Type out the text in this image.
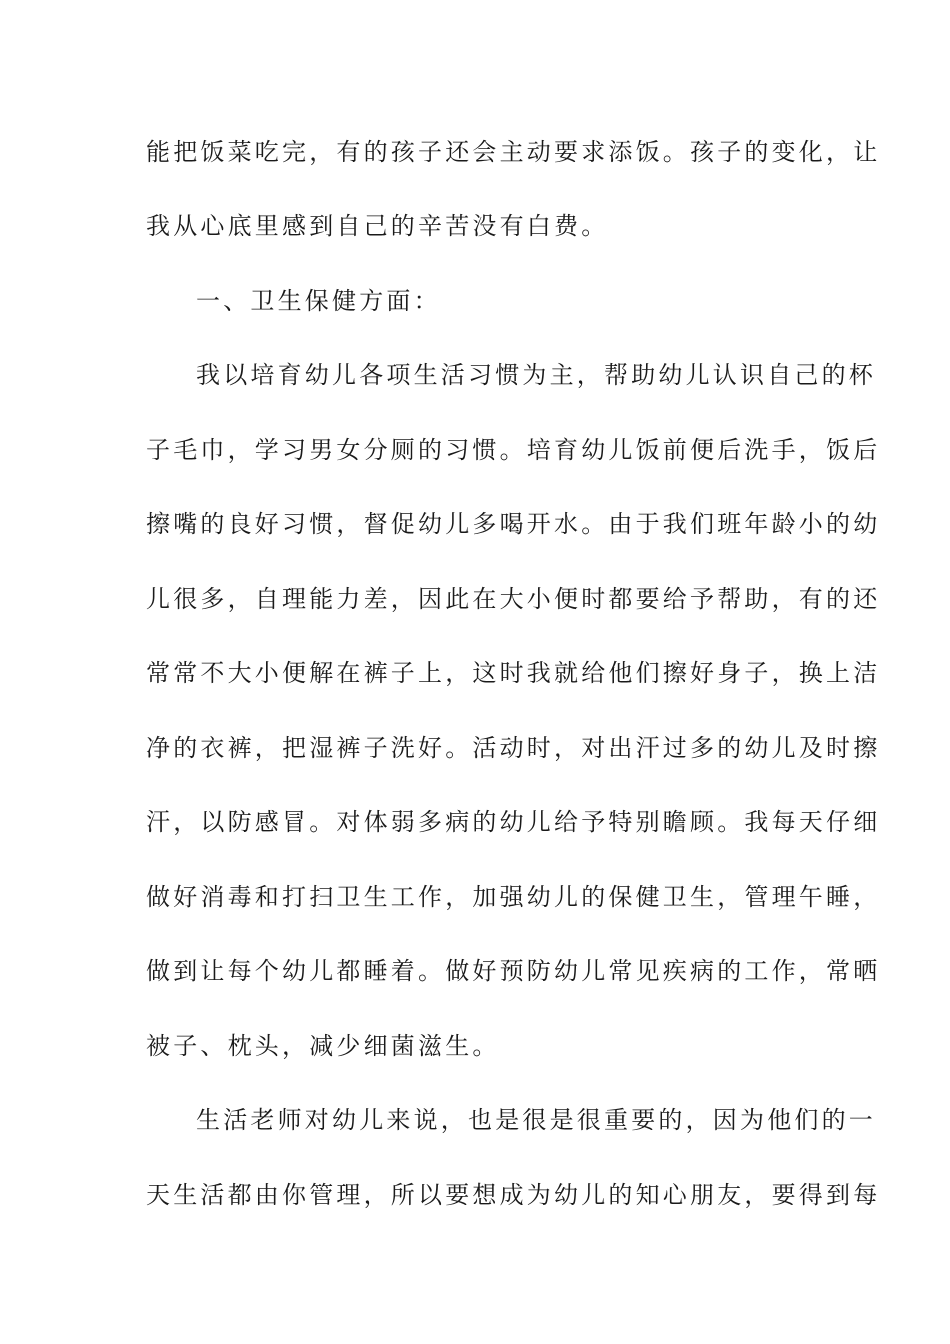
能把饭菜吃完，有的孩子还会主动要求添饭。孩子的变化，让
我从心底里感到自己的辛苦没有白费。
一、卫生保健方面：
我以培育幼儿各项生活习惯为主，帮助幼儿认识自己的杯
子毛巾，学习男女分厕的习惯。培育幼儿饭前便后洗手，饭后
擦嘴的良好习惯，督促幼儿多喝开水。由于我们班年龄小的幼
儿很多，自理能力差，因此在大小便时都要给予帮助，有的还
常常不大小便解在裤子上，这时我就给他们擦好身子，换上洁
净的衣裤，把湿裤子洗好。活动时，对出汗过多的幼儿及时擦
汗，以防感冒。对体弱多病的幼儿给予特别瞻顾。我每天仔细
做好消毒和打扫卫生工作，加强幼儿的保健卫生，管理午睡，
做到让每个幼儿都睡着。做好预防幼儿常见疾病的工作，常晒
被子、枕头，减少细菌滋生。
生活老师对幼儿来说，也是很是很重要的，因为他们的一
天生活都由你管理，所以要想成为幼儿的知心朋友，要得到每
